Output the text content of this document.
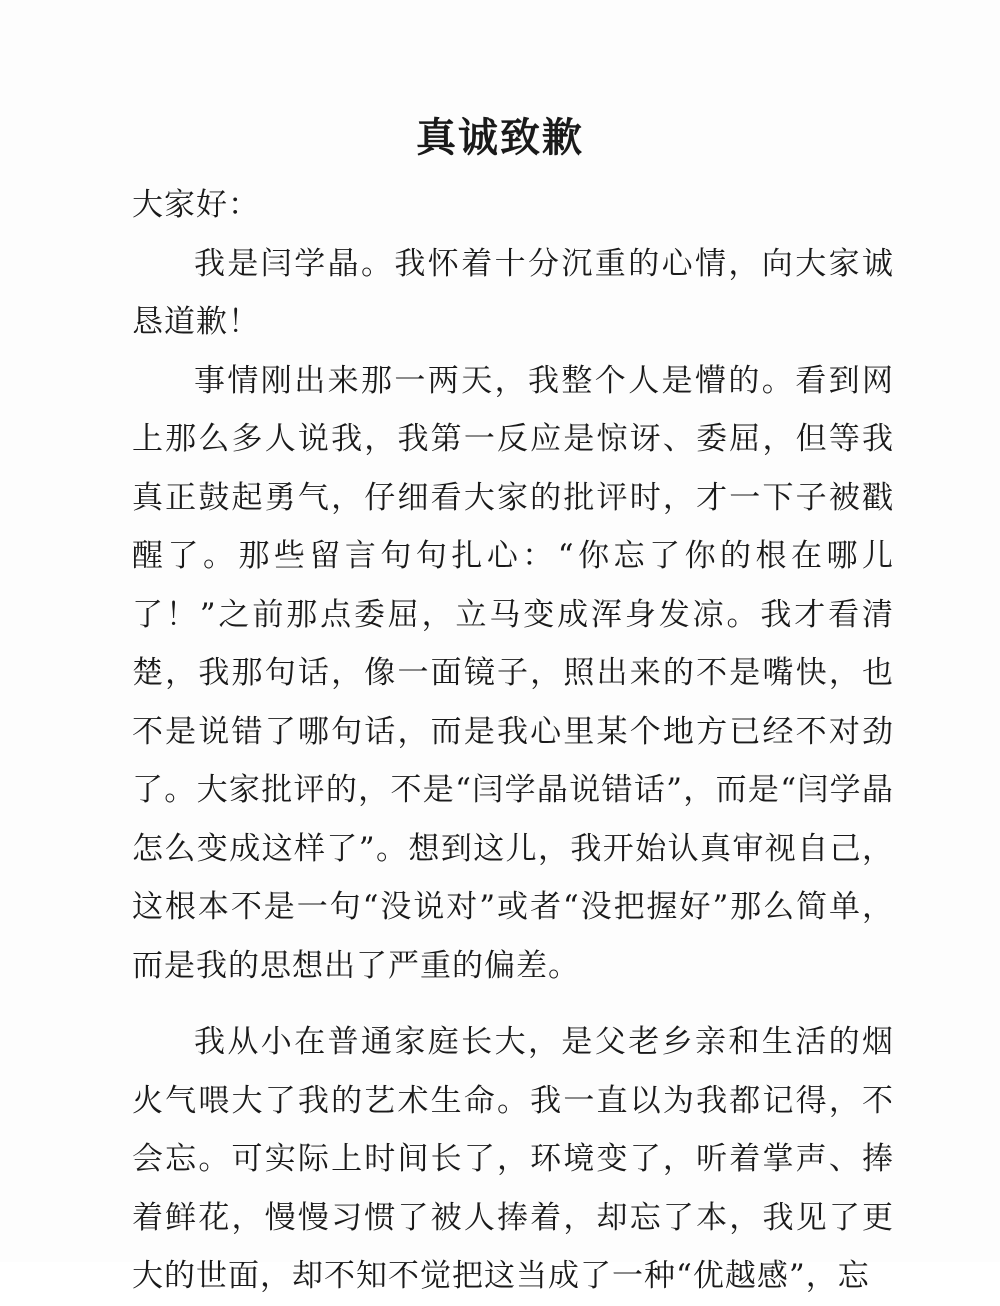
真诚致歉

大家好：

我是闫学晶。我怀着十分沉重的心情，向大家诚恳道歉！

事情刚出来那一两天，我整个人是懵的。看到网上那么多人说我，我第一反应是惊讶、委屈，但等我真正鼓起勇气，仔细看大家的批评时，才一下子被戳醒了。那些留言句句扎心：“你忘了你的根在哪儿了！”之前那点委屈，立马变成浑身发凉。我才看清楚，我那句话，像一面镜子，照出来的不是嘴快，也不是说错了哪句话，而是我心里某个地方已经不对劲了。大家批评的，不是“闫学晶说错话”，而是“闫学晶怎么变成这样了”。想到这儿，我开始认真审视自己，这根本不是一句“没说对”或者“没把握好”那么简单，而是我的思想出了严重的偏差。

我从小在普通家庭长大，是父老乡亲和生活的烟火气喂大了我的艺术生命。我一直以为我都记得，不会忘。可实际上时间长了，环境变了，听着掌声、捧着鲜花，慢慢习惯了被人捧着，却忘了本，我见了更大的世面，却不知不觉把这当成了一种“优越感”，忘
